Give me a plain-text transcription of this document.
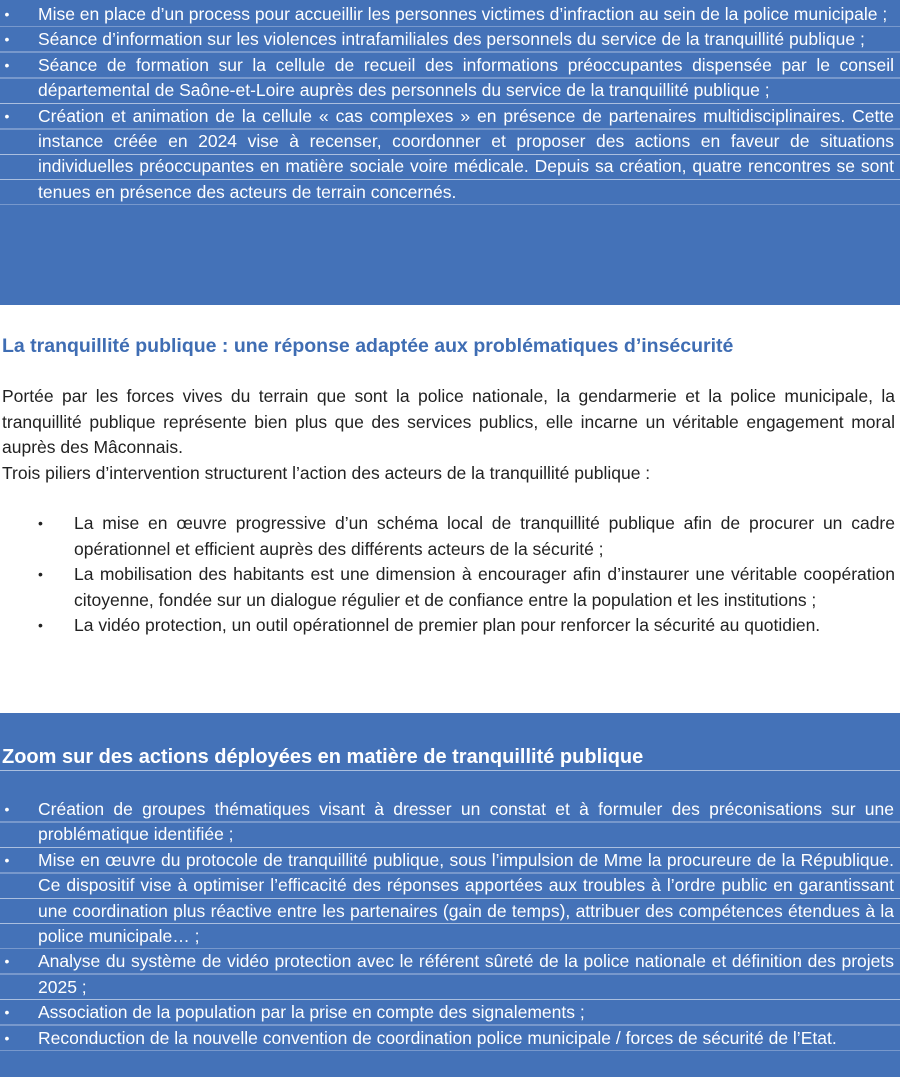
• Mise en place d’un process pour accueillir les personnes victimes d’infraction au sein de la police municipale ;
• Séance d’information sur les violences intrafamiliales des personnels du service de la tranquillité publique ;
• Séance de formation sur la cellule de recueil des informations préoccupantes dispensée par le conseil départemental de Saône-et-Loire auprès des personnels du service de la tranquillité publique ;
• Création et animation de la cellule « cas complexes » en présence de partenaires multidisciplinaires. Cette instance créée en 2024 vise à recenser, coordonner et proposer des actions en faveur de situations individuelles préoccupantes en matière sociale voire médicale. Depuis sa création, quatre rencontres se sont tenues en présence des acteurs de terrain concernés.
La tranquillité publique : une réponse adaptée aux problématiques d’insécurité

Portée par les forces vives du terrain que sont la police nationale, la gendarmerie et la police municipale, la tranquillité publique représente bien plus que des services publics, elle incarne un véritable engagement moral auprès des Mâconnais.

Trois piliers d’intervention structurent l’action des acteurs de la tranquillité publique :

• La mise en œuvre progressive d’un schéma local de tranquillité publique afin de procurer un cadre opérationnel et efficient auprès des différents acteurs de la sécurité ;
• La mobilisation des habitants est une dimension à encourager afin d’instaurer une véritable coopération citoyenne, fondée sur un dialogue régulier et de confiance entre la population et les institutions ;
• La vidéo protection, un outil opérationnel de premier plan pour renforcer la sécurité au quotidien.
Zoom sur des actions déployées en matière de tranquillité publique
• Création de groupes thématiques visant à dresser un constat et à formuler des préconisations sur une problématique identifiée ;
• Mise en œuvre du protocole de tranquillité publique, sous l’impulsion de Mme la procureure de la République. Ce dispositif vise à optimiser l’efficacité des réponses apportées aux troubles à l’ordre public en garantissant une coordination plus réactive entre les partenaires (gain de temps), attribuer des compétences étendues à la police municipale… ;
• Analyse du système de vidéo protection avec le référent sûreté de la police nationale et définition des projets 2025 ;
• Association de la population par la prise en compte des signalements ;
• Reconduction de la nouvelle convention de coordination police municipale / forces de sécurité de l’Etat.
